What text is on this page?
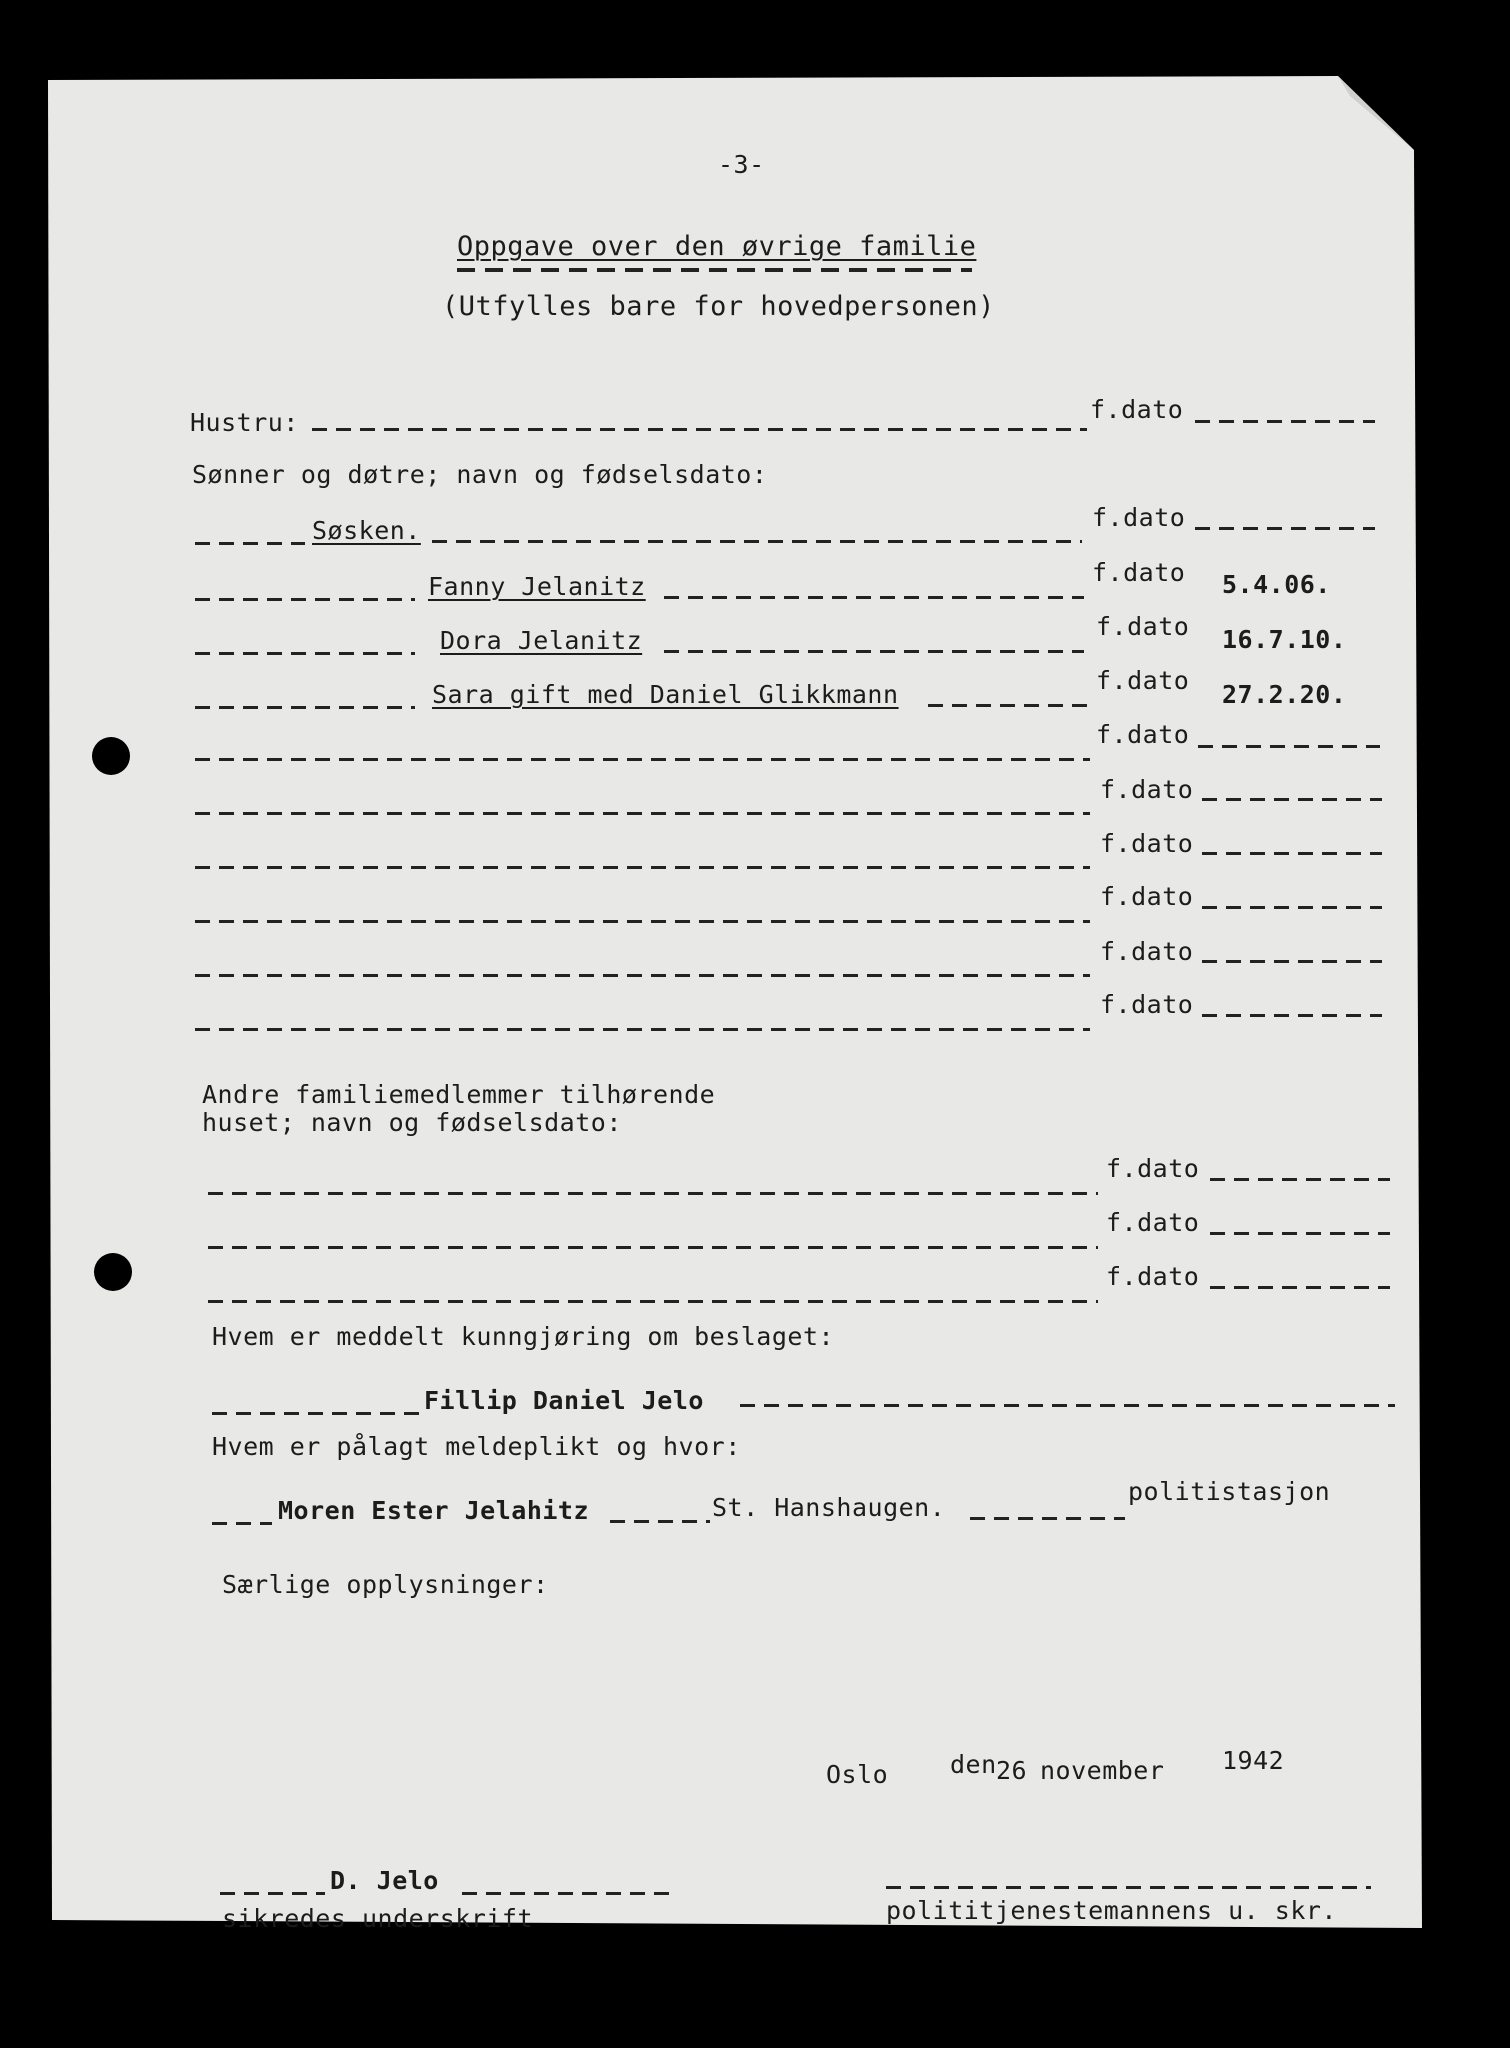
-3-
Oppgave over den øvrige familie
(Utfylles bare for hovedpersonen)
Hustru:	f.dato
Sønner og døtre; navn og fødselsdato:
Søsken.	f.dato
Fanny Jelanitz	f.dato 5.4.06.
Dora Jelanitz	f.dato 16.7.10.
Sara gift med Daniel Glikkmann	f.dato 27.2.20.
f.dato
f.dato
f.dato
f.dato
f.dato
f.dato
Andre familiemedlemmer tilhørende
huset; navn og fødselsdato:
f.dato
f.dato
f.dato
Hvem er meddelt kunngjøring om beslaget:
Fillip Daniel Jelo
Hvem er pålagt meldeplikt og hvor:
Moren Ester Jelahitz	St. Hanshaugen.
politistasjon
Særlige opplysninger:
Oslo den 26 november 1942
D. Jelo
sikredes underskrift	polititjenestemannens u. skr.
